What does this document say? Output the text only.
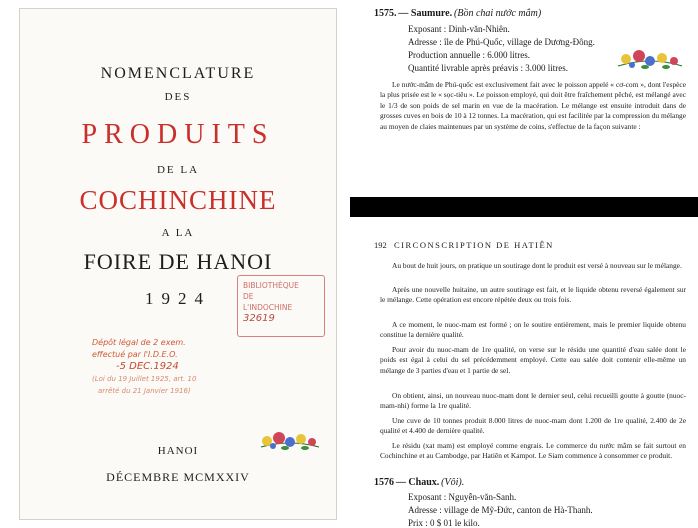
NOMENCLATURE
DES
PRODUITS
DE LA
COCHINCHINE
A LA
FOIRE DE HANOI
1924
BIBLIOTHÈQUE
DE
L'INDOCHINE
32619
Dépôt légal de 2 exem.
effectué par l'I.D.E.O.
-5 DEC.1924
(Loi du 19 Juillet 1925, art. 10
arrêté du 21 Janvier 1916)
HANOI
DÉCEMBRE MCMXXIV
1575. — Saumure. (Bồn chai nước mắm)
Exposant : Dinh-văn-Nhiên.
Adresse : île de Phú-Quốc, village de Dương-Đông.
Production annuelle : 6.000 litres.
Quantité livrable après préavis : 3.000 litres.

Le nước-mắm de Phú-quốc est exclusivement fait avec le poisson appelé « cơ-com », dont l'espèce la plus prisée est le « sọc-tiêu ». Le poisson employé, qui doit être fraîchement pêché, est mélangé avec le 1/3 de son poids de sel marin en vue de la macération. Le mélange est ensuite introduit dans de grosses cuves en bois de 10 à 12 tonnes. La macération, qui est facilitée par la compression du mélange au moyen de claies maintenues par un système de coins, s'effectue de la façon suivante :

192 CIRCONSCRIPTION DE HATIÊN

Au bout de huit jours, on pratique un soutirage dont le produit est versé à nouveau sur le mélange.

Après une nouvelle huitaine, un autre soutirage est fait, et le liquide obtenu reversé également sur le mélange. Cette opération est encore répétée deux ou trois fois.

A ce moment, le nuoc-mam est formé ; on le soutire entièrement, mais le premier liquide obtenu constitue la dernière qualité.

Pour avoir du nuoc-mam de 1re qualité, on verse sur le résidu une quantité d'eau salée dont le poids est égal à celui du sel précédemment employé. Cette eau salée doit contenir elle-même un mélange de 3 parties d'eau et 1 partie de sel.

On obtient, ainsi, un nouveau nuoc-mam dont le dernier seul, celui recueilli goutte à goutte (nuoc-mam-nhi) forme la 1re qualité.

Une cuve de 10 tonnes produit 8.000 litres de nuoc-mam dont 1.200 de 1re qualité, 2.400 de 2e qualité et 4.400 de dernière qualité.

Le résidu (xat mam) est employé comme engrais. Le commerce du nước mắm se fait surtout en Cochinchine et au Cambodge, par Hatiên et Kampot. Le Siam commence à consommer ce produit.

1576 — Chaux. (Vôi).
Exposant : Nguyễn-văn-Sanh.
Adresse : village de Mỹ-Đức, canton de Hà-Thanh.
Prix : 0 $ 01 le kilo.
